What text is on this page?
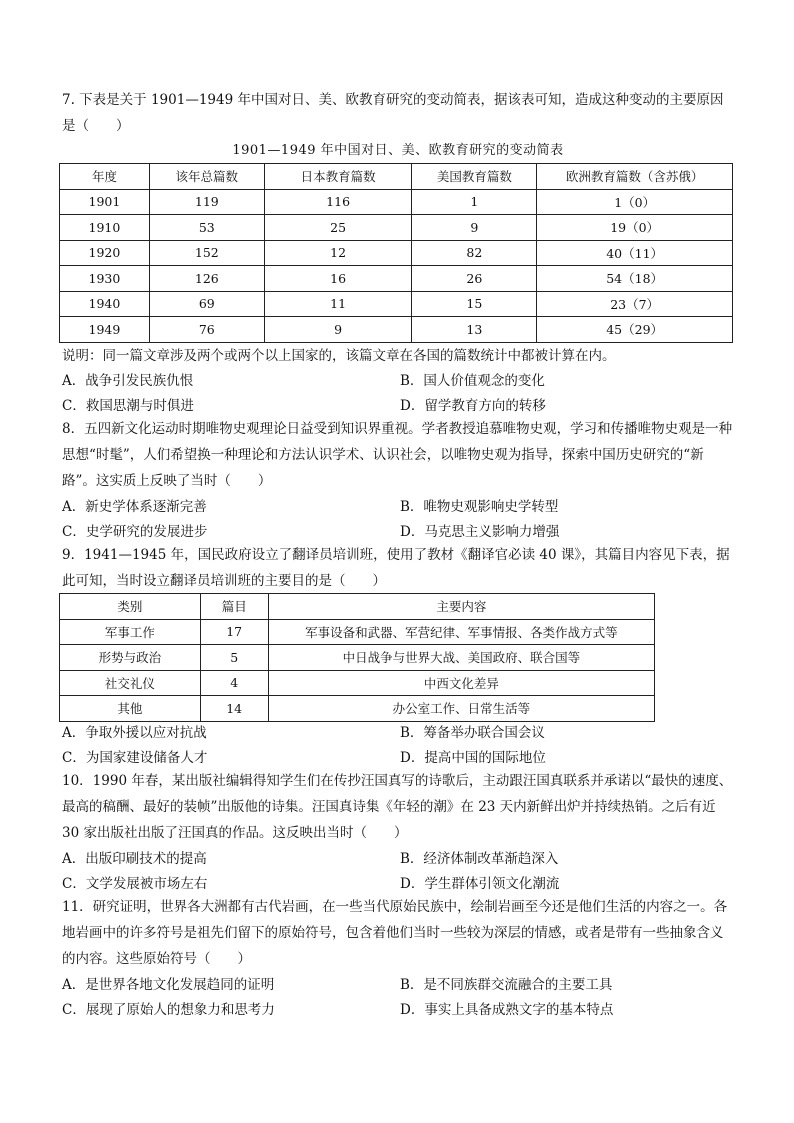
7. 下表是关于 1901—1949 年中国对日、美、欧教育研究的变动简表，据该表可知，造成这种变动的主要原因
是（　　）
1901—1949 年中国对日、美、欧教育研究的变动简表
年度	该年总篇数	日本教育篇数	美国教育篇数	欧洲教育篇数（含苏俄）
1901	119	116	1	1（0）
1910	53	25	9	19（0）
1920	152	12	82	40（11）
1930	126	16	26	54（18）
1940	69	11	15	23（7）
1949	76	9	13	45（29）
说明：同一篇文章涉及两个或两个以上国家的，该篇文章在各国的篇数统计中都被计算在内。
A．战争引发民族仇恨	B．国人价值观念的变化
C．救国思潮与时俱进	D．留学教育方向的转移
8．五四新文化运动时期唯物史观理论日益受到知识界重视。学者教授追慕唯物史观，学习和传播唯物史观是一种思想“时髦”，人们希望换一种理论和方法认识学术、认识社会，以唯物史观为指导，探索中国历史研究的“新路”。这实质上反映了当时（　　）
A．新史学体系逐渐完善	B．唯物史观影响史学转型
C．史学研究的发展进步	D．马克思主义影响力增强
9．1941—1945 年，国民政府设立了翻译员培训班，使用了教材《翻译官必读 40 课》，其篇目内容见下表，据此可知，当时设立翻译员培训班的主要目的是（　　）
类别	篇目	主要内容
军事工作	17	军事设备和武器、军营纪律、军事情报、各类作战方式等
形势与政治	5	中日战争与世界大战、美国政府、联合国等
社交礼仪	4	中西文化差异
其他	14	办公室工作、日常生活等
A．争取外援以应对抗战	B．筹备举办联合国会议
C．为国家建设储备人才	D．提高中国的国际地位
10．1990 年春，某出版社编辑得知学生们在传抄汪国真写的诗歌后，主动跟汪国真联系并承诺以“最快的速度、最高的稿酬、最好的装帧”出版他的诗集。汪国真诗集《年轻的潮》在 23 天内新鲜出炉并持续热销。之后有近 30 家出版社出版了汪国真的作品。这反映出当时（　　）
A．出版印刷技术的提高	B．经济体制改革渐趋深入
C．文学发展被市场左右	D．学生群体引领文化潮流
11．研究证明，世界各大洲都有古代岩画，在一些当代原始民族中，绘制岩画至今还是他们生活的内容之一。各地岩画中的许多符号是祖先们留下的原始符号，包含着他们当时一些较为深层的情感，或者是带有一些抽象含义的内容。这些原始符号（　　）
A．是世界各地文化发展趋同的证明	B．是不同族群交流融合的主要工具
C．展现了原始人的想象力和思考力	D．事实上具备成熟文字的基本特点
